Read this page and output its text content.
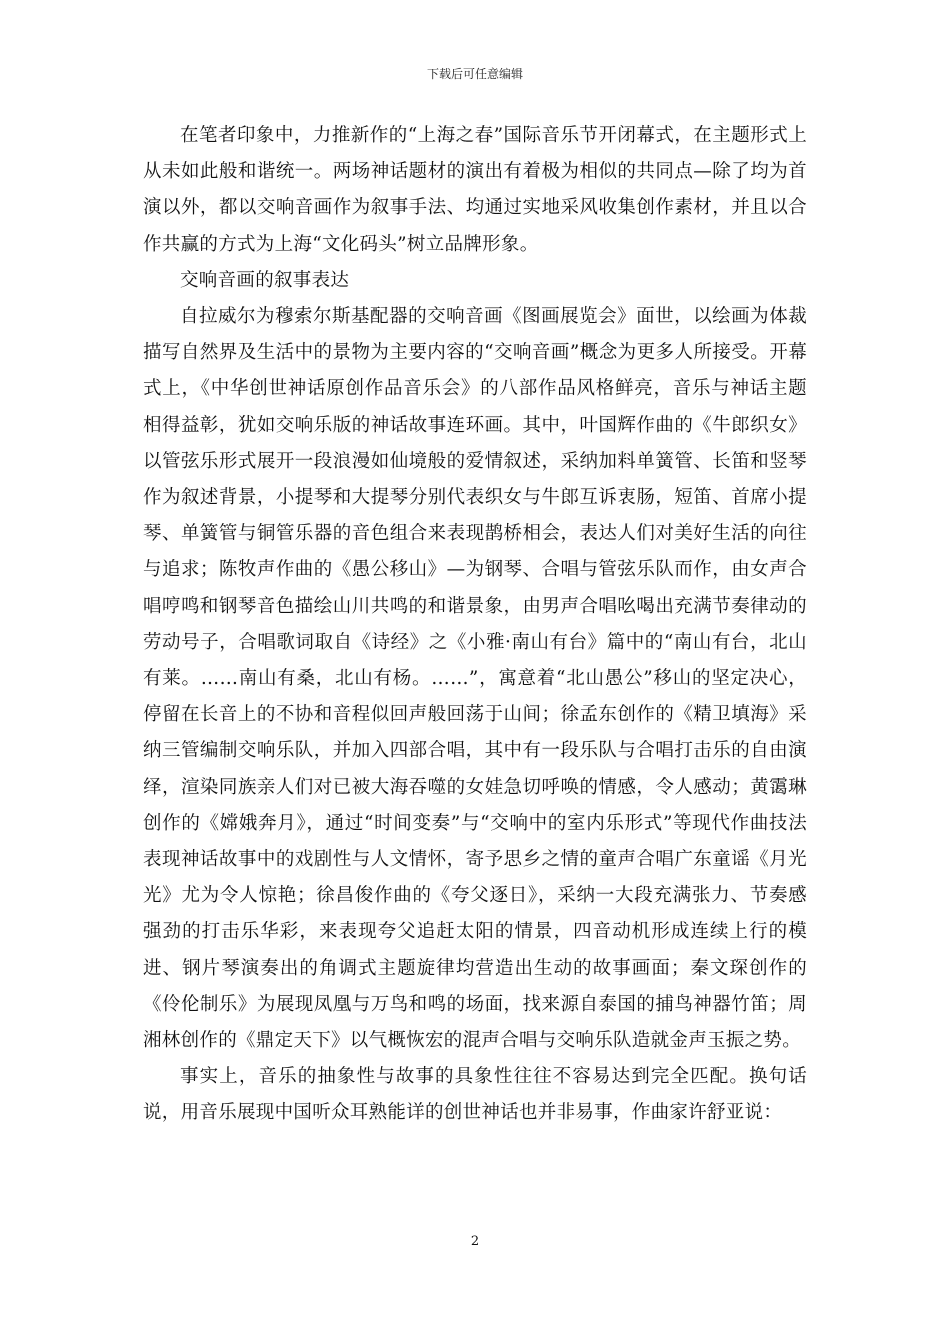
下载后可任意编辑

在笔者印象中，力推新作的“上海之春”国际音乐节开闭幕式，在主题形式上从未如此般和谐统一。两场神话题材的演出有着极为相似的共同点—除了均为首演以外，都以交响音画作为叙事手法、均通过实地采风收集创作素材，并且以合作共赢的方式为上海“文化码头”树立品牌形象。

交响音画的叙事表达

自拉威尔为穆索尔斯基配器的交响音画《图画展览会》面世，以绘画为体裁描写自然界及生活中的景物为主要内容的“交响音画”概念为更多人所接受。开幕式上，《中华创世神话原创作品音乐会》的八部作品风格鲜亮，音乐与神话主题相得益彰，犹如交响乐版的神话故事连环画。其中，叶国辉作曲的《牛郎织女》以管弦乐形式展开一段浪漫如仙境般的爱情叙述，采纳加料单簧管、长笛和竖琴作为叙述背景，小提琴和大提琴分别代表织女与牛郎互诉衷肠，短笛、首席小提琴、单簧管与铜管乐器的音色组合来表现鹊桥相会，表达人们对美好生活的向往与追求；陈牧声作曲的《愚公移山》—为钢琴、合唱与管弦乐队而作，由女声合唱哼鸣和钢琴音色描绘山川共鸣的和谐景象，由男声合唱吆喝出充满节奏律动的劳动号子，合唱歌词取自《诗经》之《小雅·南山有台》篇中的“南山有台，北山有莱。……南山有桑，北山有杨。……”，寓意着“北山愚公”移山的坚定决心，停留在长音上的不协和音程似回声般回荡于山间；徐孟东创作的《精卫填海》采纳三管编制交响乐队，并加入四部合唱，其中有一段乐队与合唱打击乐的自由演绎，渲染同族亲人们对已被大海吞噬的女娃急切呼唤的情感，令人感动；黄霭琳创作的《嫦娥奔月》，通过“时间变奏”与“交响中的室内乐形式”等现代作曲技法表现神话故事中的戏剧性与人文情怀，寄予思乡之情的童声合唱广东童谣《月光光》尤为令人惊艳；徐昌俊作曲的《夸父逐日》，采纳一大段充满张力、节奏感强劲的打击乐华彩，来表现夸父追赶太阳的情景，四音动机形成连续上行的模进、钢片琴演奏出的角调式主题旋律均营造出生动的故事画面；秦文琛创作的《伶伦制乐》为展现凤凰与万鸟和鸣的场面，找来源自泰国的捕鸟神器竹笛；周湘林创作的《鼎定天下》以气概恢宏的混声合唱与交响乐队造就金声玉振之势。

事实上，音乐的抽象性与故事的具象性往往不容易达到完全匹配。换句话说，用音乐展现中国听众耳熟能详的创世神话也并非易事，作曲家许舒亚说：

2
